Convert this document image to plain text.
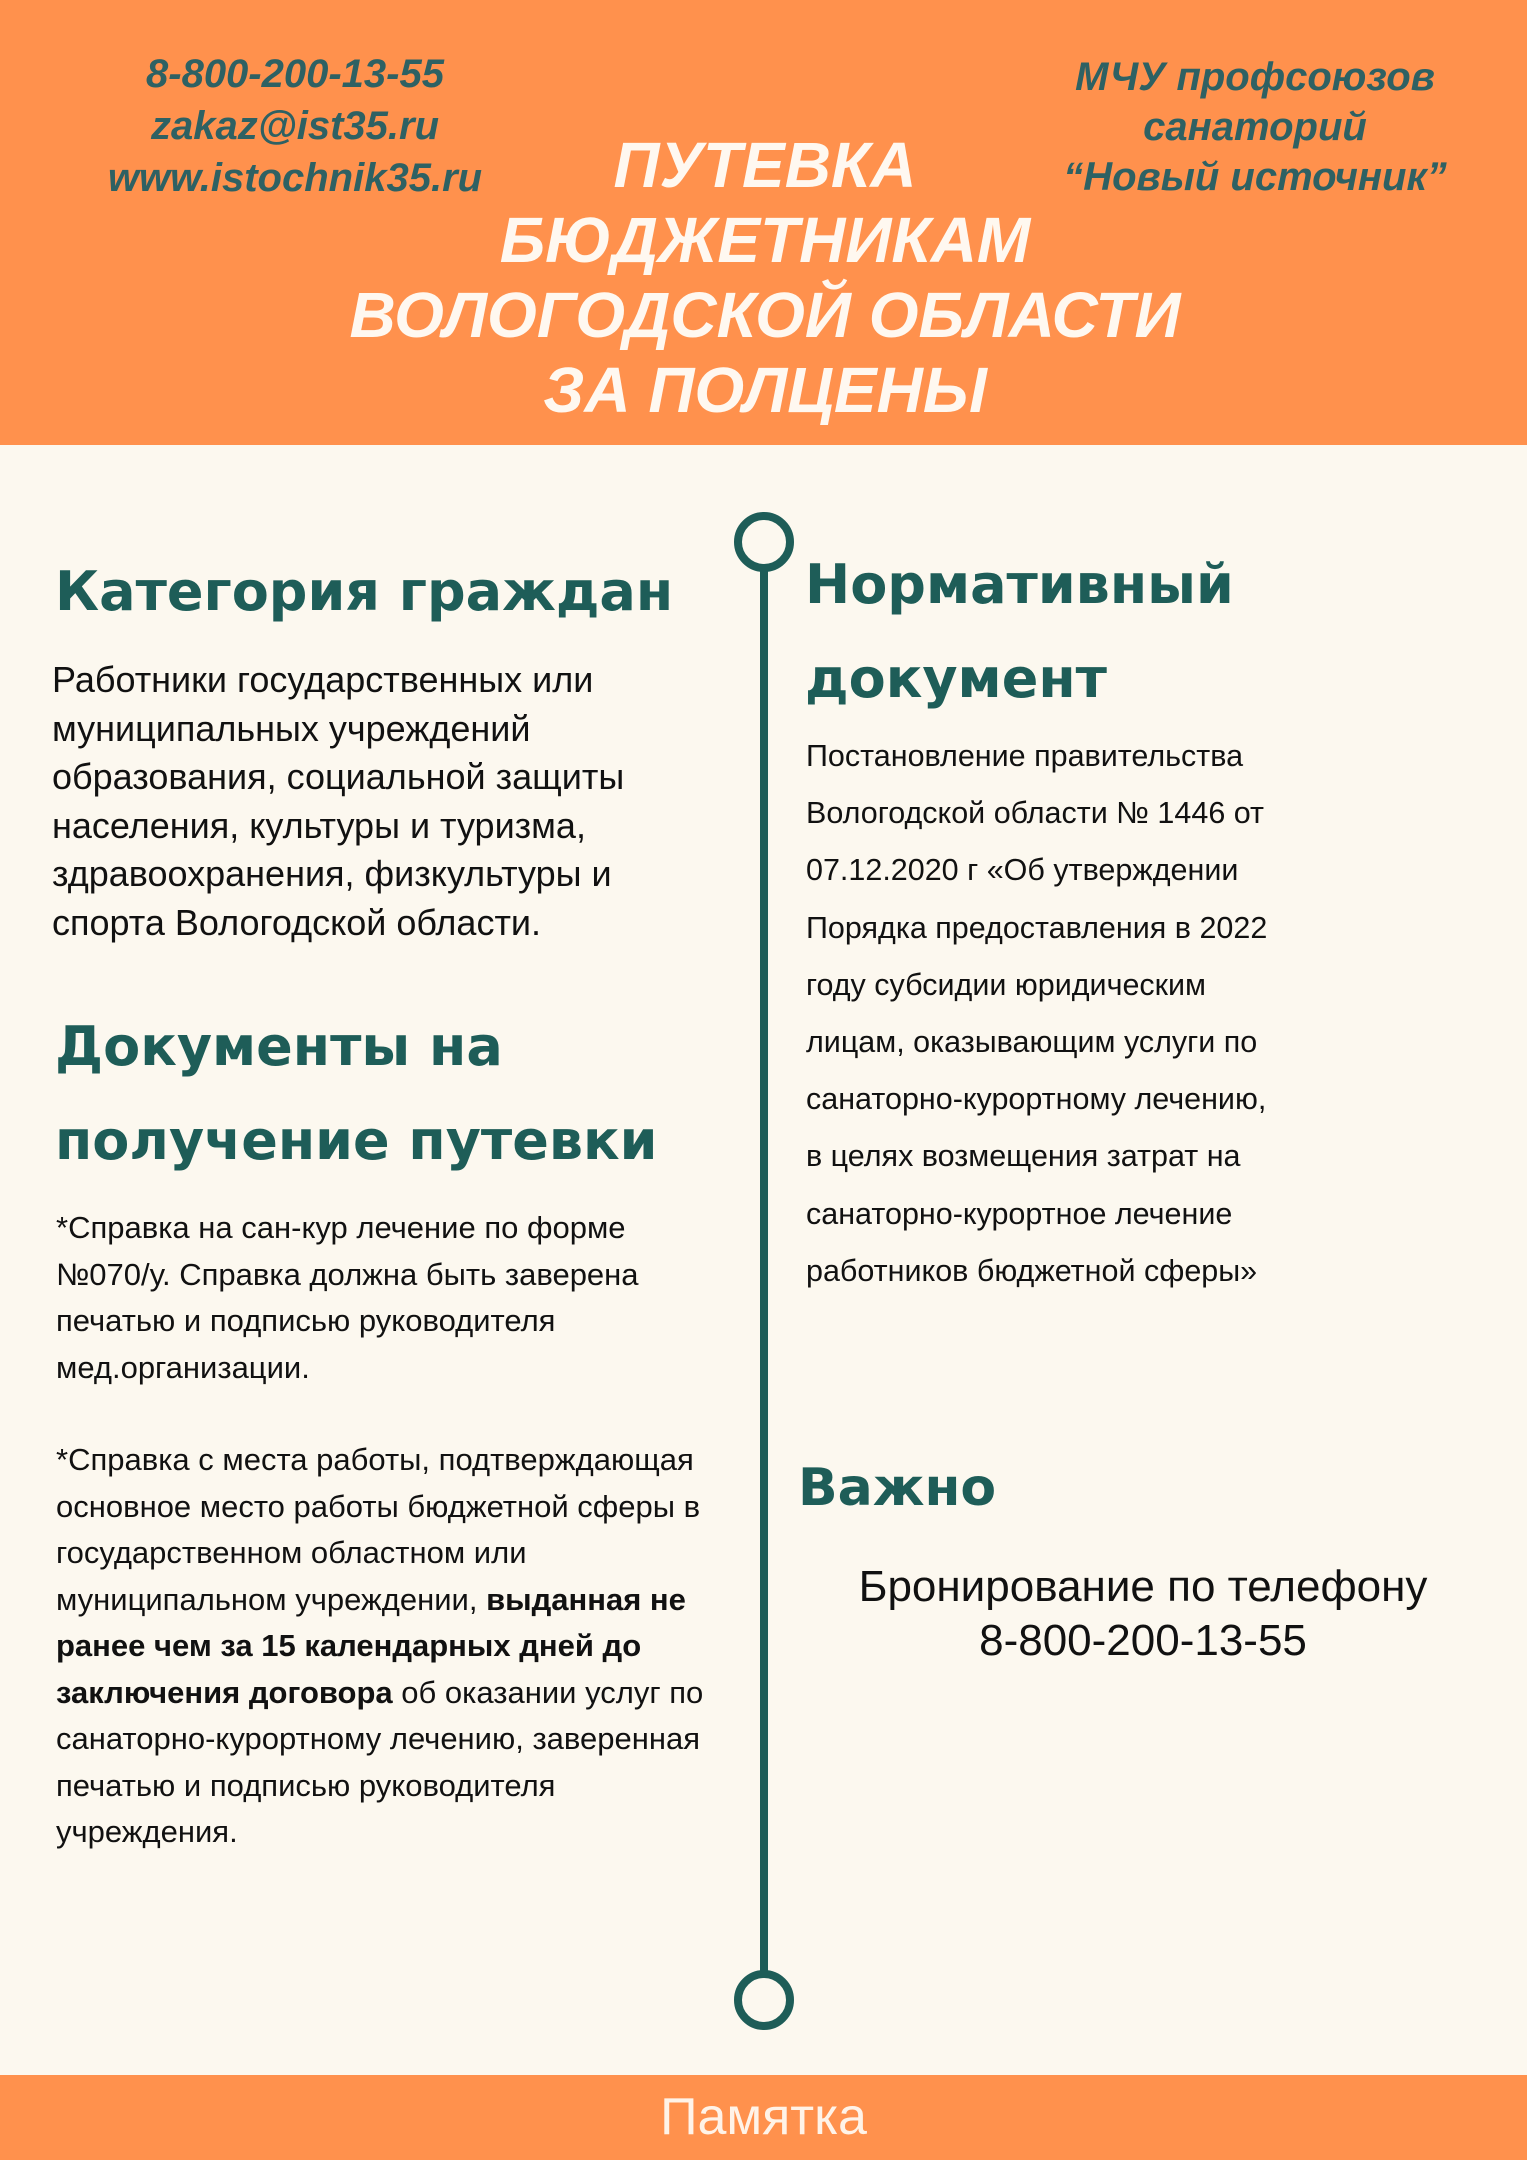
8-800-200-13-55
zakaz@ist35.ru
www.istochnik35.ru
МЧУ профсоюзов
санаторий
“Новый источник”
ПУТЕВКА
БЮДЖЕТНИКАМ
ВОЛОГОДСКОЙ ОБЛАСТИ
ЗА ПОЛЦЕНЫ
Категория граждан
Работники государственных или муниципальных учреждений образования, социальной защиты населения, культуры и туризма, здравоохранения, физкультуры и спорта Вологодской области.
Документы на получение путевки
*Справка на сан-кур лечение по форме №070/у. Справка должна быть заверена печатью и подписью руководителя мед.организации.
*Справка с места работы, подтверждающая основное место работы бюджетной сферы в государственном областном или муниципальном учреждении, выданная не ранее чем за 15 календарных дней до заключения договора об оказании услуг по санаторно-курортному лечению, заверенная печатью и подписью руководителя учреждения.
Нормативный документ
Постановление правительства
Вологодской области № 1446 от
07.12.2020 г «Об утверждении
Порядка предоставления в 2022
году субсидии юридическим
лицам, оказывающим услуги по
санаторно-курортному лечению,
в целях возмещения затрат на
санаторно-курортное лечение
работников бюджетной сферы»
Важно
Бронирование по телефону
8-800-200-13-55
Памятка
